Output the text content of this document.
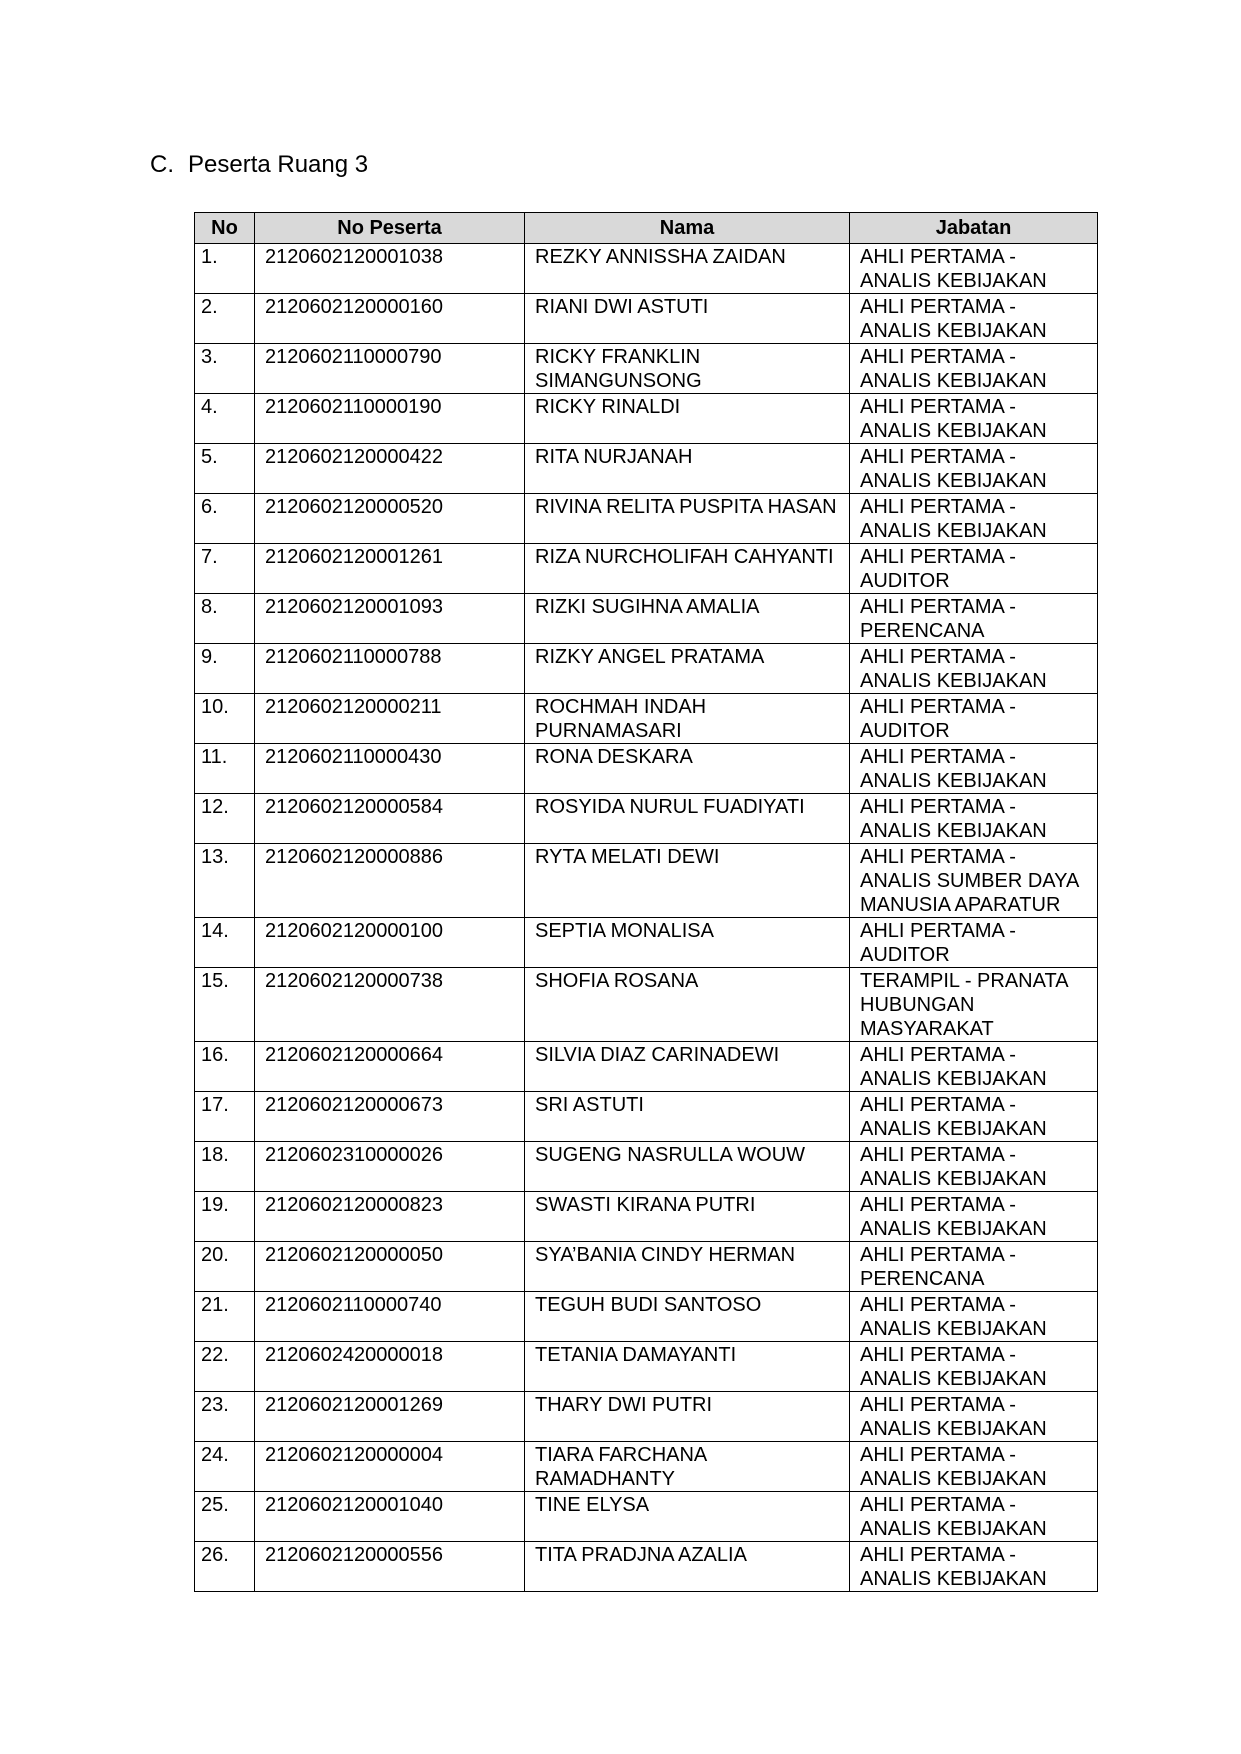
C. Peserta Ruang 3
No	No Peserta	Nama	Jabatan
1.	2120602120001038	REZKY ANNISSHA ZAIDAN	AHLI PERTAMA - ANALIS KEBIJAKAN
2.	2120602120000160	RIANI DWI ASTUTI	AHLI PERTAMA - ANALIS KEBIJAKAN
3.	2120602110000790	RICKY FRANKLIN SIMANGUNSONG	AHLI PERTAMA - ANALIS KEBIJAKAN
4.	2120602110000190	RICKY RINALDI	AHLI PERTAMA - ANALIS KEBIJAKAN
5.	2120602120000422	RITA NURJANAH	AHLI PERTAMA - ANALIS KEBIJAKAN
6.	2120602120000520	RIVINA RELITA PUSPITA HASAN	AHLI PERTAMA - ANALIS KEBIJAKAN
7.	2120602120001261	RIZA NURCHOLIFAH CAHYANTI	AHLI PERTAMA - AUDITOR
8.	2120602120001093	RIZKI SUGIHNA AMALIA	AHLI PERTAMA - PERENCANA
9.	2120602110000788	RIZKY ANGEL PRATAMA	AHLI PERTAMA - ANALIS KEBIJAKAN
10.	2120602120000211	ROCHMAH INDAH PURNAMASARI	AHLI PERTAMA - AUDITOR
11.	2120602110000430	RONA DESKARA	AHLI PERTAMA - ANALIS KEBIJAKAN
12.	2120602120000584	ROSYIDA NURUL FUADIYATI	AHLI PERTAMA - ANALIS KEBIJAKAN
13.	2120602120000886	RYTA MELATI DEWI	AHLI PERTAMA - ANALIS SUMBER DAYA MANUSIA APARATUR
14.	2120602120000100	SEPTIA MONALISA	AHLI PERTAMA - AUDITOR
15.	2120602120000738	SHOFIA ROSANA	TERAMPIL - PRANATA HUBUNGAN MASYARAKAT
16.	2120602120000664	SILVIA DIAZ CARINADEWI	AHLI PERTAMA - ANALIS KEBIJAKAN
17.	2120602120000673	SRI ASTUTI	AHLI PERTAMA - ANALIS KEBIJAKAN
18.	2120602310000026	SUGENG NASRULLA WOUW	AHLI PERTAMA - ANALIS KEBIJAKAN
19.	2120602120000823	SWASTI KIRANA PUTRI	AHLI PERTAMA - ANALIS KEBIJAKAN
20.	2120602120000050	SYA’BANIA CINDY HERMAN	AHLI PERTAMA - PERENCANA
21.	2120602110000740	TEGUH BUDI SANTOSO	AHLI PERTAMA - ANALIS KEBIJAKAN
22.	2120602420000018	TETANIA DAMAYANTI	AHLI PERTAMA - ANALIS KEBIJAKAN
23.	2120602120001269	THARY DWI PUTRI	AHLI PERTAMA - ANALIS KEBIJAKAN
24.	2120602120000004	TIARA FARCHANA RAMADHANTY	AHLI PERTAMA - ANALIS KEBIJAKAN
25.	2120602120001040	TINE ELYSA	AHLI PERTAMA - ANALIS KEBIJAKAN
26.	2120602120000556	TITA PRADJNA AZALIA	AHLI PERTAMA - ANALIS KEBIJAKAN
